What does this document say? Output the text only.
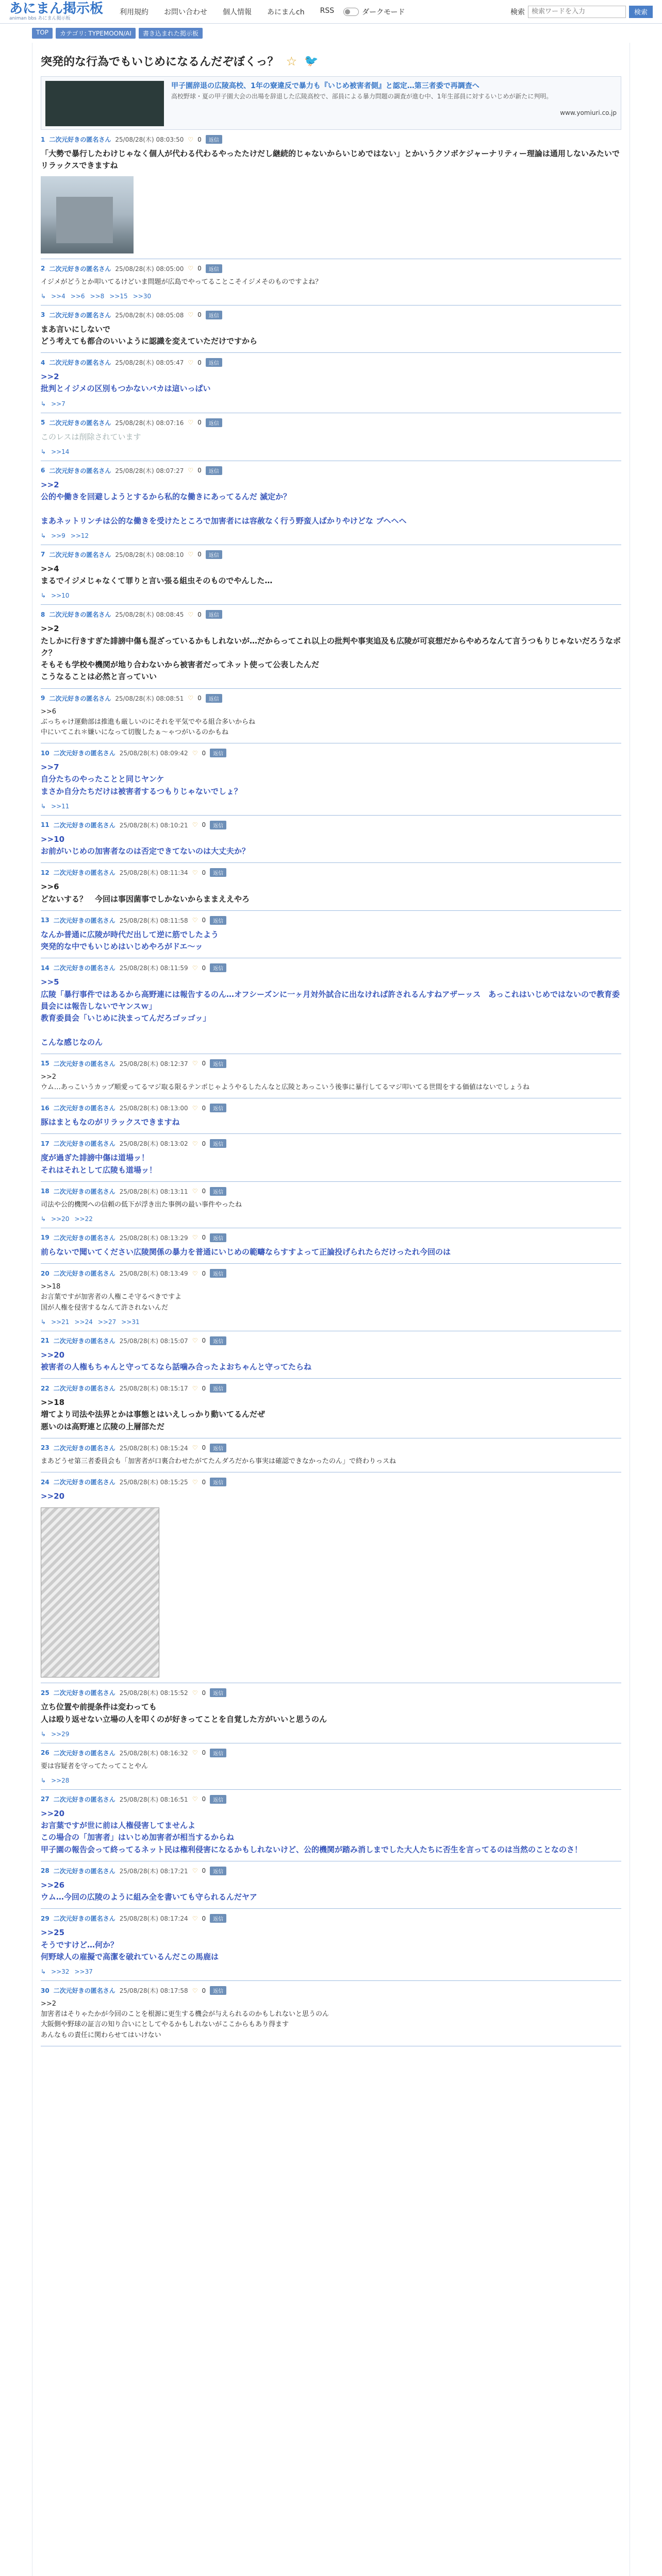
あにまん掲示板
animan bbs あにまん掲示板
利用規約 お問い合わせ 個人情報 あにまんch RSS	ダークモード	検索
検索ワードを入力	検索
TOP	カテゴリ: TYPEMOON/AI	書き込まれた掲示板
突発的な行為でもいじめになるんだぞぼくっ？ ☆ 🐦
甲子園辞退の広陵高校、1年の寮違反で暴力も『いじめ被害者側』と認定…第三者委で再調査へ
高校野球・夏の甲子園大会の出場を辞退した広陵高校で、部員による暴力問題の調査が進む中、1年生部員に対するいじめが新たに判明。
www.yomiuri.co.jp
1 二次元好きの匿名さん 25/08/28(木) 08:03:50 ♡ 0	返信
「大勢で暴行したわけじゃなく個人が代わる代わるやったたけだし継続的じゃないからいじめではない」とかいうクソボケジャーナリティー理論は通用しないみたいでリラックスできますね
2 二次元好きの匿名さん 25/08/28(木) 08:05:00 ♡ 0	返信
イジメがどうとか叩いてるけどいま問題が広島でやってることこそイジメそのものですよね？
↳ >>4 >>6 >>8 >>15 >>30
3 二次元好きの匿名さん 25/08/28(木) 08:05:08 ♡ 0	返信
まあ言いにしないで
どう考えても都合のいいように認識を変えていただけですから
4 二次元好きの匿名さん 25/08/28(木) 08:05:47 ♡ 0	返信
>>2
批判とイジメの区別もつかないバカは這いっぱい
↳ >>7
5 二次元好きの匿名さん 25/08/28(木) 08:07:16 ♡ 0	返信
このレスは削除されています
↳ >>14
6 二次元好きの匿名さん 25/08/28(木) 08:07:27 ♡ 0	返信
>>2
公的や働きを回避しようとするから私的な働きにあってるんだ 滅定か？

まあネットリンチは公的な働きを受けたところで加害者には容赦なく行う野蛮人ばかりやけどな ブヘヘヘ
↳ >>9 >>12
7 二次元好きの匿名さん 25/08/28(木) 08:08:10 ♡ 0	返信
>>4
まるでイジメじゃなくて罪りと言い張る組虫そのものでやんした…
↳ >>10
8 二次元好きの匿名さん 25/08/28(木) 08:08:45 ♡ 0	返信
>>2
たしかに行きすぎた誹謗中傷も混ざっているかもしれないが…だからってこれ以上の批判や事実追及も広陵が可哀想だからやめろなんて言うつもりじゃないだろうなボク？
そもそも学校や機関が地り合わないから被害者だってネット使って公表したんだ
こうなることは必然と言っていい
9 二次元好きの匿名さん 25/08/28(木) 08:08:51 ♡ 0	返信
>>6
ぶっちゃけ運動部は推進も厳しいのにそれを平気でやる組合多いからね
中にいてこれ＊嫌いになって切腹したぁ～ゃつがいるのかもね
10 二次元好きの匿名さん 25/08/28(木) 08:09:42 ♡ 0	返信
>>7
自分たちのやったことと同じヤンケ
まさか自分たちだけは被害者するつもりじゃないでしょ？
↳ >>11
11 二次元好きの匿名さん 25/08/28(木) 08:10:21 ♡ 0	返信
>>10
お前がいじめの加害者なのは否定できてないのは大丈夫か？
12 二次元好きの匿名さん 25/08/28(木) 08:11:34 ♡ 0	返信
>>6
どないする？　今回は事因菌事でしかないからままええやろ
13 二次元好きの匿名さん 25/08/28(木) 08:11:58 ♡ 0	返信
なんか普通に広陵が時代だ出して逆に筋でしたよう
突発的な中でもいじめはいじめやろがドエ～ッ
14 二次元好きの匿名さん 25/08/28(木) 08:11:59 ♡ 0	返信
>>5
広陵「暴行事件ではあるから高野連には報告するのん…オフシーズンに一ヶ月対外試合に出なければ許されるんすねアザーッス　あっこれはいじめではないので教育委員会には報告しないでヤンスｗ」
教育委員会「いじめに決まってんだろゴッゴッ」

こんな感じなのん
15 二次元好きの匿名さん 25/08/28(木) 08:12:37 ♡ 0	返信
>>2
ウム…あっこいうカップ順愛ってるマジ取る限るテンポじゃようやるしたんなと広陵とあっこいう後事に暴行してるマジ叩いてる世間をする価値はないでしょうね
16 二次元好きの匿名さん 25/08/28(木) 08:13:00 ♡ 0	返信
豚はまともなのがリラックスできますね
17 二次元好きの匿名さん 25/08/28(木) 08:13:02 ♡ 0	返信
度が過ぎた誹謗中傷は道場ッ！
それはそれとして広陵も道場ッ！
18 二次元好きの匿名さん 25/08/28(木) 08:13:11 ♡ 0	返信
司法や公的機関への信頼の低下が浮き出た事例の最い事件やったね
↳ >>20 >>22
19 二次元好きの匿名さん 25/08/28(木) 08:13:29 ♡ 0	返信
前らないで聞いてください広陵関係の暴力を普通にいじめの範疇ならすすよって正論投げられたらだけったれ今回のは
20 二次元好きの匿名さん 25/08/28(木) 08:13:49 ♡ 0	返信
>>18
お言葉ですが加害者の人権こそ守るべきですよ
国が人権を侵害するなんて許されないんだ
↳ >>21 >>24 >>27 >>31
21 二次元好きの匿名さん 25/08/28(木) 08:15:07 ♡ 0	返信
>>20
被害者の人権もちゃんと守ってるなら話噛み合ったよおちゃんと守ってたらね
22 二次元好きの匿名さん 25/08/28(木) 08:15:17 ♡ 0	返信
>>18
増てより司法や法界とかは事態とはいえしっかり動いてるんだぜ
悪いのは高野連と広陵の上層部ただ
23 二次元好きの匿名さん 25/08/28(木) 08:15:24 ♡ 0	返信
まあどうせ第三者委員会も「加害者が口裏合わせたがてたんダろだから事実は確認できなかったのん」で終わりっスね
24 二次元好きの匿名さん 25/08/28(木) 08:15:25 ♡ 0	返信
>>20
25 二次元好きの匿名さん 25/08/28(木) 08:15:52 ♡ 0	返信
立ち位置や前提条件は変わっても
人は殴り返せない立場の人を叩くのが好きってことを自覚した方がいいと思うのん
↳ >>29
26 二次元好きの匿名さん 25/08/28(木) 08:16:32 ♡ 0	返信
要は容疑者を守ってたってことやん
↳ >>28
27 二次元好きの匿名さん 25/08/28(木) 08:16:51 ♡ 0	返信
>>20
お言葉ですが世に前は人権侵害してませんよ
この場合の「加害者」はいじめ加害者が相当するからね
甲子園の報告会って終ってるネット民は権利侵害になるかもしれないけど、公的機関が踏み消しまでした大人たちに否生を言ってるのは当然のことなのさ！
28 二次元好きの匿名さん 25/08/28(木) 08:17:21 ♡ 0	返信
>>26
ウム…今回の広陵のように組み全を書いても守られるんだヤア
29 二次元好きの匿名さん 25/08/28(木) 08:17:24 ♡ 0	返信
>>25
そうですけど…何か？
何野球人の雇擬で高潔を破れているんだこの馬鹿は
↳ >>32 >>37
30 二次元好きの匿名さん 25/08/28(木) 08:17:58 ♡ 0	返信
>>2
加害者はそりゃたかが今回のことを根源に更生する機会が与えられるのかもしれないと思うのん
大阪側や野球の証言の知り合いにとしてやるかもしれないがここからもあり得ます
あんなもの責任に関わらせてはいけない
